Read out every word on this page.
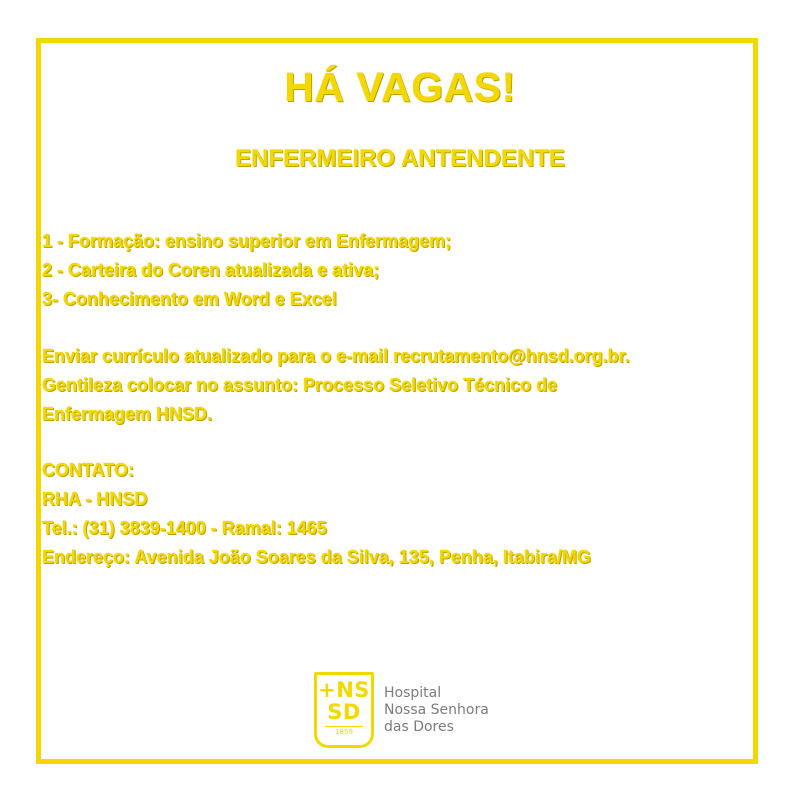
HÁ VAGAS!
ENFERMEIRO ANTENDENTE
1 - Formação: ensino superior em Enfermagem;
2 - Carteira do Coren atualizada e ativa;
3- Conhecimento em Word e Excel
Enviar currículo atualizado para o e-mail recrutamento@hnsd.org.br.
Gentileza colocar no assunto: Processo Seletivo Técnico de
Enfermagem HNSD.
CONTATO:
RHA - HNSD
Tel.: (31) 3839-1400 - Ramal: 1465
Endereço: Avenida João Soares da Silva, 135, Penha, Itabira/MG
+NS
SD
1859
Hospital
Nossa Senhora
das Dores
